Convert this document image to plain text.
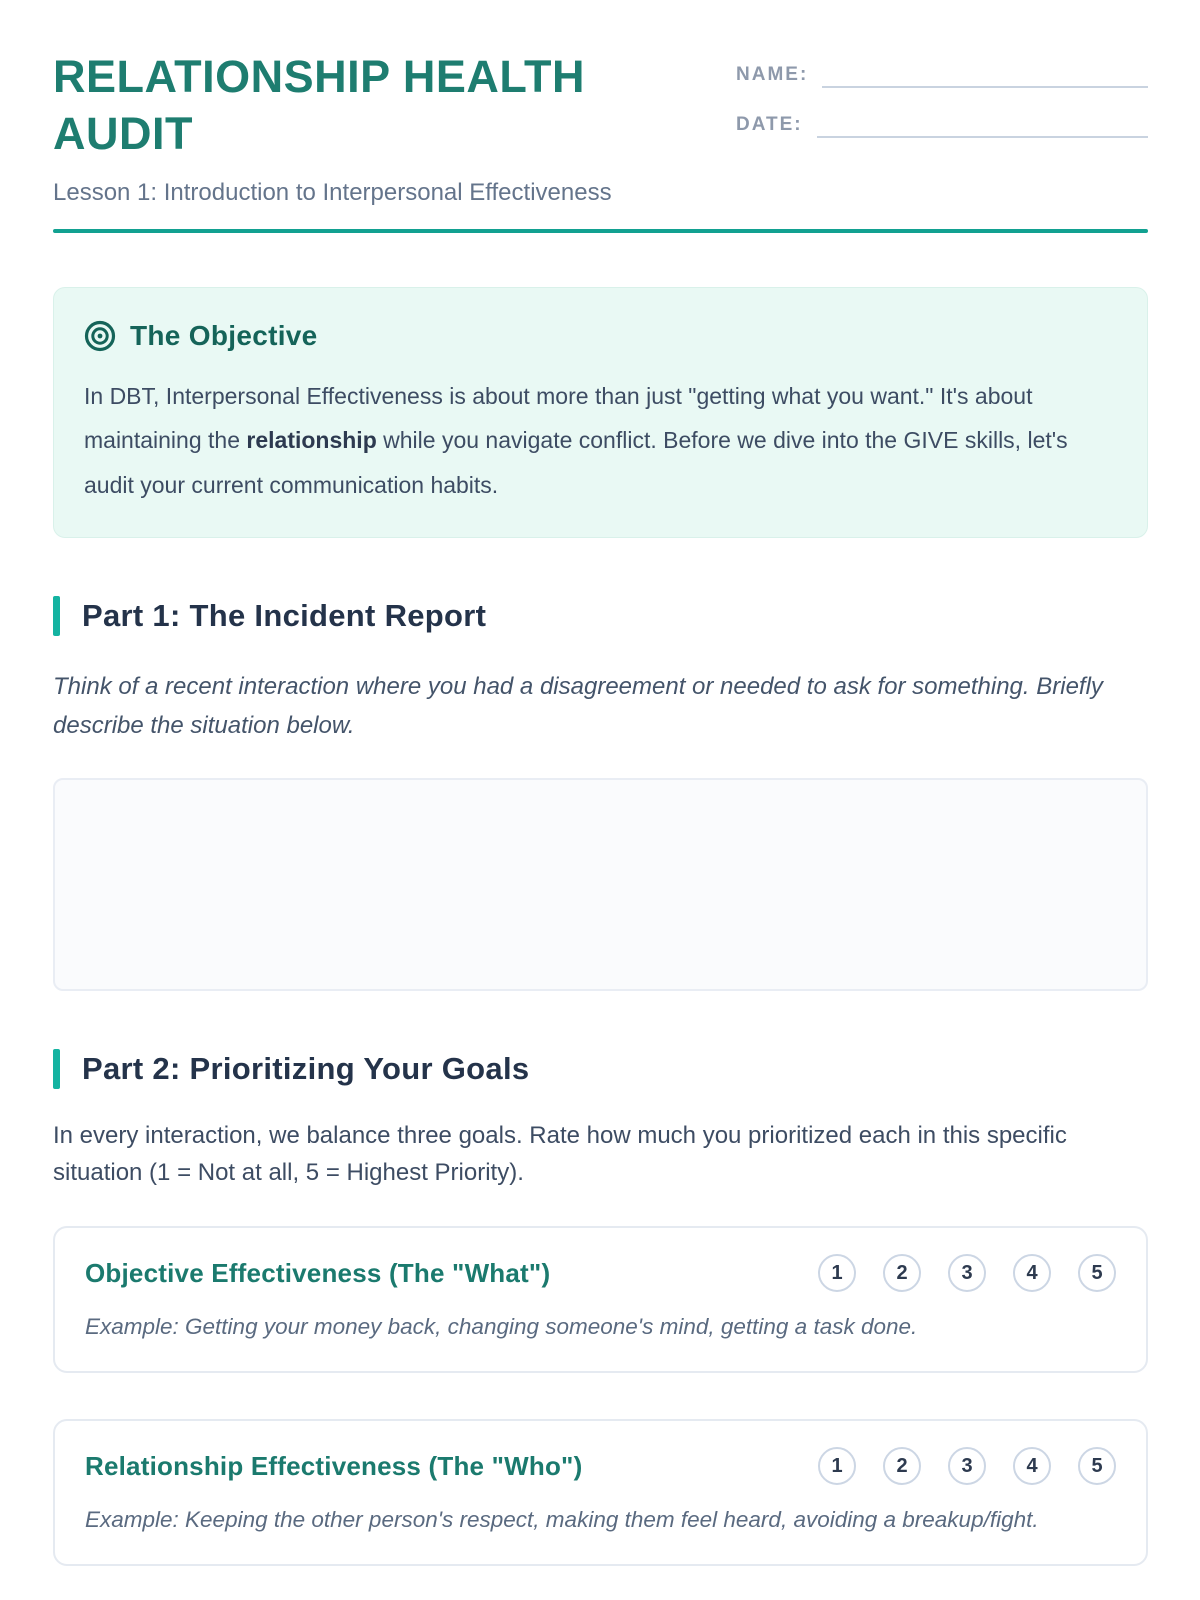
RELATIONSHIP HEALTH AUDIT
Lesson 1: Introduction to Interpersonal Effectiveness
NAME:
DATE:
The Objective

In DBT, Interpersonal Effectiveness is about more than just "getting what you want." It's about maintaining the relationship while you navigate conflict. Before we dive into the GIVE skills, let's audit your current communication habits.

Part 1: The Incident Report

Think of a recent interaction where you had a disagreement or needed to ask for something. Briefly describe the situation below.

Part 2: Prioritizing Your Goals

In every interaction, we balance three goals. Rate how much you prioritized each in this specific situation (1 = Not at all, 5 = Highest Priority).

Objective Effectiveness (The "What")	1	2	3	4	5

Example: Getting your money back, changing someone's mind, getting a task done.

Relationship Effectiveness (The "Who")	1	2	3	4	5

Example: Keeping the other person's respect, making them feel heard, avoiding a breakup/fight.
